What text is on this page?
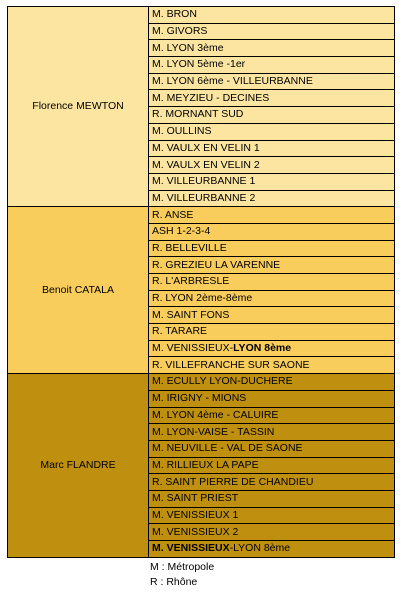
Florence MEWTON	M. BRON
	M. GIVORS
	M. LYON 3ème
	M. LYON 5ème -1er
	M. LYON 6ème - VILLEURBANNE
	M. MEYZIEU - DECINES
	R. MORNANT SUD
	M. OULLINS
	M. VAULX EN VELIN 1
	M. VAULX EN VELIN 2
	M. VILLEURBANNE 1
	M. VILLEURBANNE 2
Benoit CATALA	R. ANSE
	ASH 1-2-3-4
	R. BELLEVILLE
	R. GREZIEU LA VARENNE
	R. L'ARBRESLE
	R. LYON 2ème-8ème
	M. SAINT FONS
	R. TARARE
	M. VENISSIEUX-LYON 8ème
	R. VILLEFRANCHE SUR SAONE
Marc FLANDRE	M. ECULLY LYON-DUCHERE
	M. IRIGNY - MIONS
	M. LYON 4ème - CALUIRE
	M. LYON-VAISE - TASSIN
	M. NEUVILLE - VAL DE SAONE
	M. RILLIEUX LA PAPE
	R. SAINT PIERRE DE CHANDIEU
	M. SAINT PRIEST
	M. VENISSIEUX 1
	M. VENISSIEUX 2
	M. VENISSIEUX-LYON 8ème
M : Métropole
R : Rhône
